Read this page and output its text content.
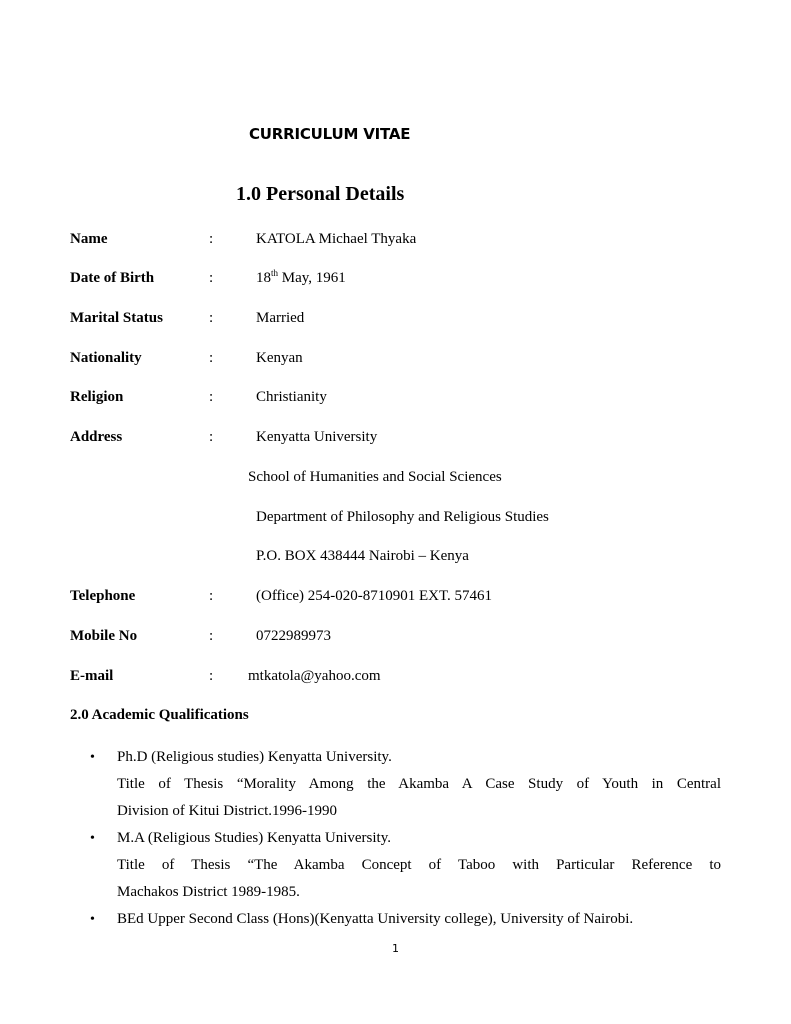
CURRICULUM VITAE
1.0 Personal Details
Name	:	KATOLA Michael Thyaka
Date of Birth	:	18th May, 1961
Marital Status	:	Married
Nationality	:	Kenyan
Religion	:	Christianity
Address	:	Kenyatta University
School of Humanities and Social Sciences
Department of Philosophy and Religious Studies
P.O. BOX 438444 Nairobi – Kenya
Telephone	:	(Office) 254-020-8710901 EXT. 57461
Mobile No	:	0722989973
E-mail	: mtkatola@yahoo.com
2.0 Academic Qualifications
• Ph.D (Religious studies) Kenyatta University.
Title of Thesis “Morality Among the Akamba A Case Study of Youth in Central
Division of Kitui District.1996-1990
• M.A (Religious Studies) Kenyatta University.
Title of Thesis “The Akamba Concept of Taboo with Particular Reference to
Machakos District 1989-1985.
• BEd Upper Second Class (Hons)(Kenyatta University college), University of Nairobi.
1
